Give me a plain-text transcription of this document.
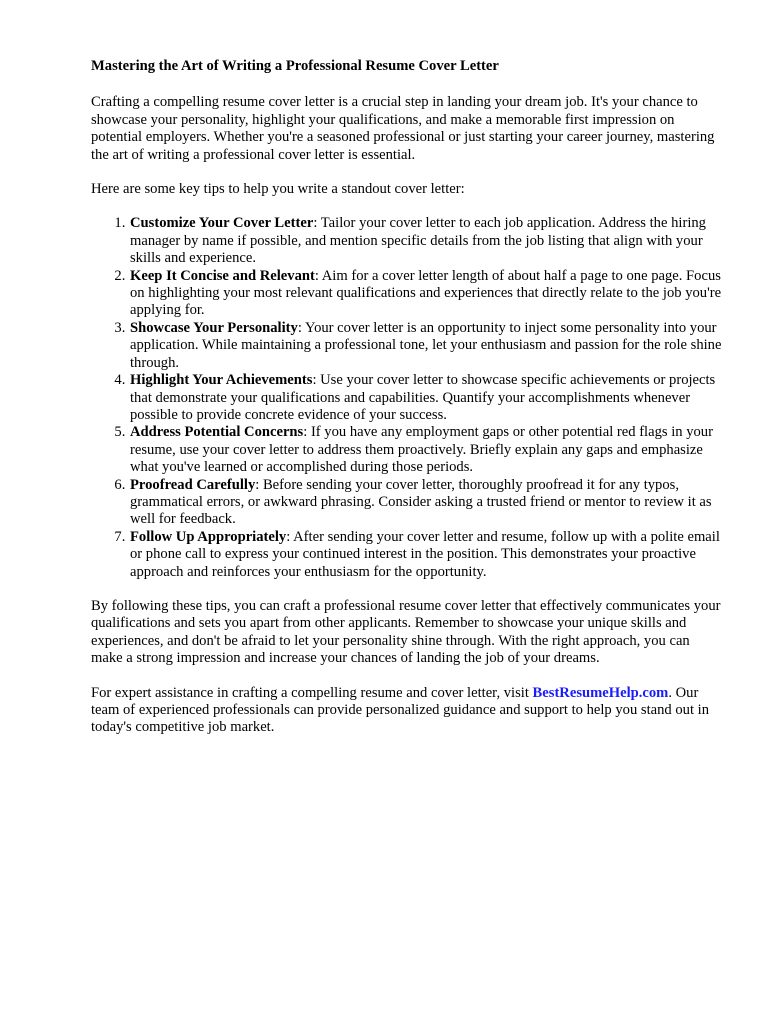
Mastering the Art of Writing a Professional Resume Cover Letter

Crafting a compelling resume cover letter is a crucial step in landing your dream job. It's your chance to showcase your personality, highlight your qualifications, and make a memorable first impression on potential employers. Whether you're a seasoned professional or just starting your career journey, mastering the art of writing a professional cover letter is essential.

Here are some key tips to help you write a standout cover letter:

1. Customize Your Cover Letter: Tailor your cover letter to each job application. Address the hiring manager by name if possible, and mention specific details from the job listing that align with your skills and experience.
2. Keep It Concise and Relevant: Aim for a cover letter length of about half a page to one page. Focus on highlighting your most relevant qualifications and experiences that directly relate to the job you're applying for.
3. Showcase Your Personality: Your cover letter is an opportunity to inject some personality into your application. While maintaining a professional tone, let your enthusiasm and passion for the role shine through.
4. Highlight Your Achievements: Use your cover letter to showcase specific achievements or projects that demonstrate your qualifications and capabilities. Quantify your accomplishments whenever possible to provide concrete evidence of your success.
5. Address Potential Concerns: If you have any employment gaps or other potential red flags in your resume, use your cover letter to address them proactively. Briefly explain any gaps and emphasize what you've learned or accomplished during those periods.
6. Proofread Carefully: Before sending your cover letter, thoroughly proofread it for any typos, grammatical errors, or awkward phrasing. Consider asking a trusted friend or mentor to review it as well for feedback.
7. Follow Up Appropriately: After sending your cover letter and resume, follow up with a polite email or phone call to express your continued interest in the position. This demonstrates your proactive approach and reinforces your enthusiasm for the opportunity.

By following these tips, you can craft a professional resume cover letter that effectively communicates your qualifications and sets you apart from other applicants. Remember to showcase your unique skills and experiences, and don't be afraid to let your personality shine through. With the right approach, you can make a strong impression and increase your chances of landing the job of your dreams.

For expert assistance in crafting a compelling resume and cover letter, visit BestResumeHelp.com. Our team of experienced professionals can provide personalized guidance and support to help you stand out in today's competitive job market.
